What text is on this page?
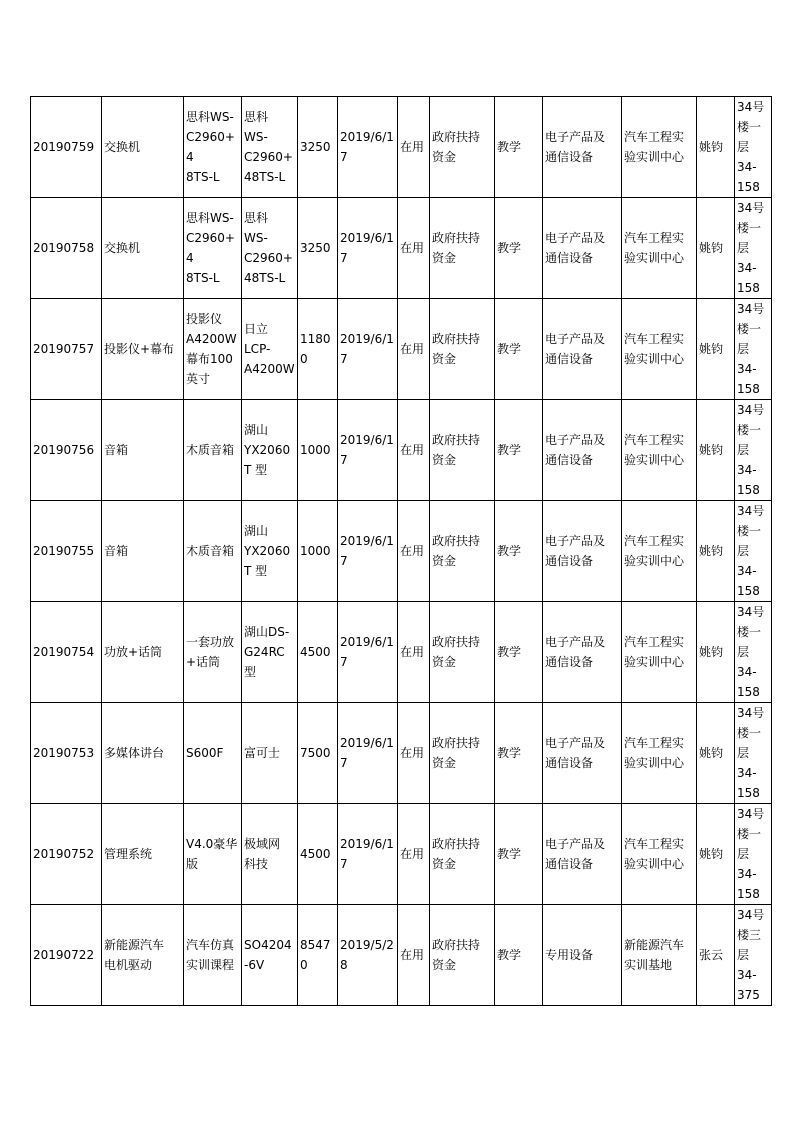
20190759	交换机	思科WS-
C2960+4
8TS-L	思科
WS-
C2960+
48TS-L	3250	2019/6/1
7	在用	政府扶持
资金	教学	电子产品及
通信设备	汽车工程实
验实训中心	姚钧	34号
楼一
层
34-
158
20190758	交换机	思科WS-
C2960+4
8TS-L	思科
WS-
C2960+
48TS-L	3250	2019/6/1
7	在用	政府扶持
资金	教学	电子产品及
通信设备	汽车工程实
验实训中心	姚钧	34号
楼一
层
34-
158
20190757	投影仪+幕布	投影仪
A4200W
幕布100
英寸	日立
LCP-
A4200W	11800	2019/6/1
7	在用	政府扶持
资金	教学	电子产品及
通信设备	汽车工程实
验实训中心	姚钧	34号
楼一
层
34-
158
20190756	音箱	木质音箱	湖山
YX2060
T 型	1000	2019/6/1
7	在用	政府扶持
资金	教学	电子产品及
通信设备	汽车工程实
验实训中心	姚钧	34号
楼一
层
34-
158
20190755	音箱	木质音箱	湖山
YX2060
T 型	1000	2019/6/1
7	在用	政府扶持
资金	教学	电子产品及
通信设备	汽车工程实
验实训中心	姚钧	34号
楼一
层
34-
158
20190754	功放+话筒	一套功放
+话筒	湖山DS-
G24RC
型	4500	2019/6/1
7	在用	政府扶持
资金	教学	电子产品及
通信设备	汽车工程实
验实训中心	姚钧	34号
楼一
层
34-
158
20190753	多媒体讲台	S600F	富可士	7500	2019/6/1
7	在用	政府扶持
资金	教学	电子产品及
通信设备	汽车工程实
验实训中心	姚钧	34号
楼一
层
34-
158
20190752	管理系统	V4.0豪华
版	极域网
科技	4500	2019/6/1
7	在用	政府扶持
资金	教学	电子产品及
通信设备	汽车工程实
验实训中心	姚钧	34号
楼一
层
34-
158
20190722	新能源汽车
电机驱动	汽车仿真
实训课程	SO4204
-6V	85470	2019/5/2
8	在用	政府扶持
资金	教学	专用设备	新能源汽车
实训基地	张云	34号
楼三
层
34-
375
